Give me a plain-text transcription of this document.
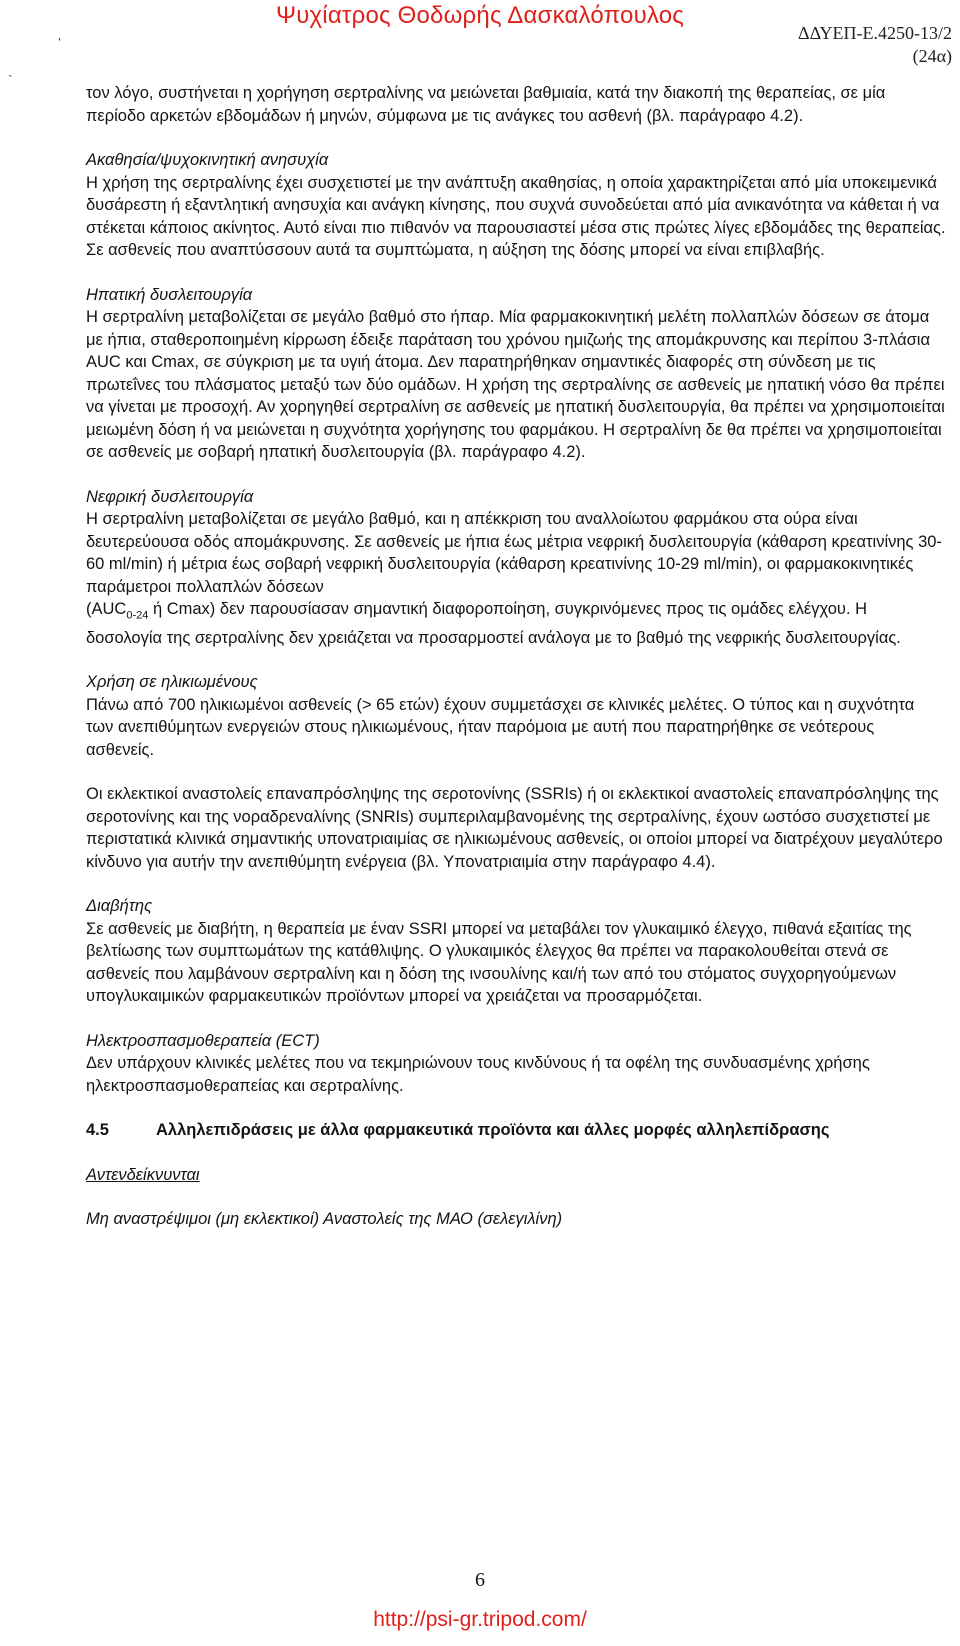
Ψυχίατρος Θοδωρής Δασκαλόπουλος
ΔΔΥΕΠ-Ε.4250-13/2
(24α)
‘
`

τον λόγο, συστήνεται η χορήγηση σερτραλίνης να μειώνεται βαθμιαία, κατά την διακοπή της θεραπείας, σε μία περίοδο αρκετών εβδομάδων ή μηνών, σύμφωνα με τις ανάγκες του ασθενή (βλ. παράγραφο 4.2).

Ακαθησία/ψυχοκινητική ανησυχία
Η χρήση της σερτραλίνης έχει συσχετιστεί με την ανάπτυξη ακαθησίας, η οποία χαρακτηρίζεται από μία υποκειμενικά δυσάρεστη ή εξαντλητική ανησυχία και ανάγκη κίνησης, που συχνά συνοδεύεται από μία ανικανότητα να κάθεται ή να στέκεται κάποιος ακίνητος. Αυτό είναι πιο πιθανόν να παρουσιαστεί μέσα στις πρώτες λίγες εβδομάδες της θεραπείας. Σε ασθενείς που αναπτύσσουν αυτά τα συμπτώματα, η αύξηση της δόσης μπορεί να είναι επιβλαβής.

Ηπατική δυσλειτουργία
Η σερτραλίνη μεταβολίζεται σε μεγάλο βαθμό στο ήπαρ. Μία φαρμακοκινητική μελέτη πολλαπλών δόσεων σε άτομα με ήπια, σταθεροποιημένη κίρρωση έδειξε παράταση του χρόνου ημιζωής της απομάκρυνσης και περίπου 3-πλάσια AUC και Cmax, σε σύγκριση με τα υγιή άτομα. Δεν παρατηρήθηκαν σημαντικές διαφορές στη σύνδεση με τις πρωτεΐνες του πλάσματος μεταξύ των δύο ομάδων. Η χρήση της σερτραλίνης σε ασθενείς με ηπατική νόσο θα πρέπει να γίνεται με προσοχή. Αν χορηγηθεί σερτραλίνη σε ασθενείς με ηπατική δυσλειτουργία, θα πρέπει να χρησιμοποιείται μειωμένη δόση ή να μειώνεται η συχνότητα χορήγησης του φαρμάκου. Η σερτραλίνη δε θα πρέπει να χρησιμοποιείται σε ασθενείς με σοβαρή ηπατική δυσλειτουργία (βλ. παράγραφο 4.2).

Νεφρική δυσλειτουργία
Η σερτραλίνη μεταβολίζεται σε μεγάλο βαθμό, και η απέκκριση του αναλλοίωτου φαρμάκου στα ούρα είναι δευτερεύουσα οδός απομάκρυνσης. Σε ασθενείς με ήπια έως μέτρια νεφρική δυσλειτουργία (κάθαρση κρεατινίνης 30-60 ml/min) ή μέτρια έως σοβαρή νεφρική δυσλειτουργία (κάθαρση κρεατινίνης 10-29 ml/min), οι φαρμακοκινητικές παράμετροι πολλαπλών δόσεων
($AUC_{0-24}$ ή Cmax) δεν παρουσίασαν σημαντική διαφοροποίηση, συγκρινόμενες προς τις ομάδες ελέγχου. Η δοσολογία της σερτραλίνης δεν χρειάζεται να προσαρμοστεί ανάλογα με το βαθμό της νεφρικής δυσλειτουργίας.

Χρήση σε ηλικιωμένους
Πάνω από 700 ηλικιωμένοι ασθενείς (> 65 ετών) έχουν συμμετάσχει σε κλινικές μελέτες. Ο τύπος και η συχνότητα των ανεπιθύμητων ενεργειών στους ηλικιωμένους, ήταν παρόμοια με αυτή που παρατηρήθηκε σε νεότερους ασθενείς.

Οι εκλεκτικοί αναστολείς επαναπρόσληψης της σεροτονίνης (SSRIs) ή οι εκλεκτικοί αναστολείς επαναπρόσληψης της σεροτονίνης και της νοραδρεναλίνης (SNRIs) συμπεριλαμβανομένης της σερτραλίνης, έχουν ωστόσο συσχετιστεί με περιστατικά κλινικά σημαντικής υπονατριαιμίας σε ηλικιωμένους ασθενείς, οι οποίοι μπορεί να διατρέχουν μεγαλύτερο κίνδυνο για αυτήν την ανεπιθύμητη ενέργεια (βλ. Υπονατριαιμία στην παράγραφο 4.4).

Διαβήτης
Σε ασθενείς με διαβήτη, η θεραπεία με έναν SSRI μπορεί να μεταβάλει τον γλυκαιμικό έλεγχο, πιθανά εξαιτίας της βελτίωσης των συμπτωμάτων της κατάθλιψης. Ο γλυκαιμικός έλεγχος θα πρέπει να παρακολουθείται στενά σε ασθενείς που λαμβάνουν σερτραλίνη και η δόση της ινσουλίνης και/ή των από του στόματος συγχορηγούμενων υπογλυκαιμικών φαρμακευτικών προϊόντων μπορεί να χρειάζεται να προσαρμόζεται.

Ηλεκτροσπασμοθεραπεία (ECT)
Δεν υπάρχουν κλινικές μελέτες που να τεκμηριώνουν τους κινδύνους ή τα οφέλη της συνδυασμένης χρήσης ηλεκτροσπασμοθεραπείας και σερτραλίνης.

4.5	Αλληλεπιδράσεις με άλλα φαρμακευτικά προϊόντα και άλλες μορφές αλληλεπίδρασης

Αντενδείκνυνται

Μη αναστρέψιμοι (μη εκλεκτικοί) Αναστολείς της ΜΑΟ (σελεγιλίνη)

6
http://psi-gr.tripod.com/
